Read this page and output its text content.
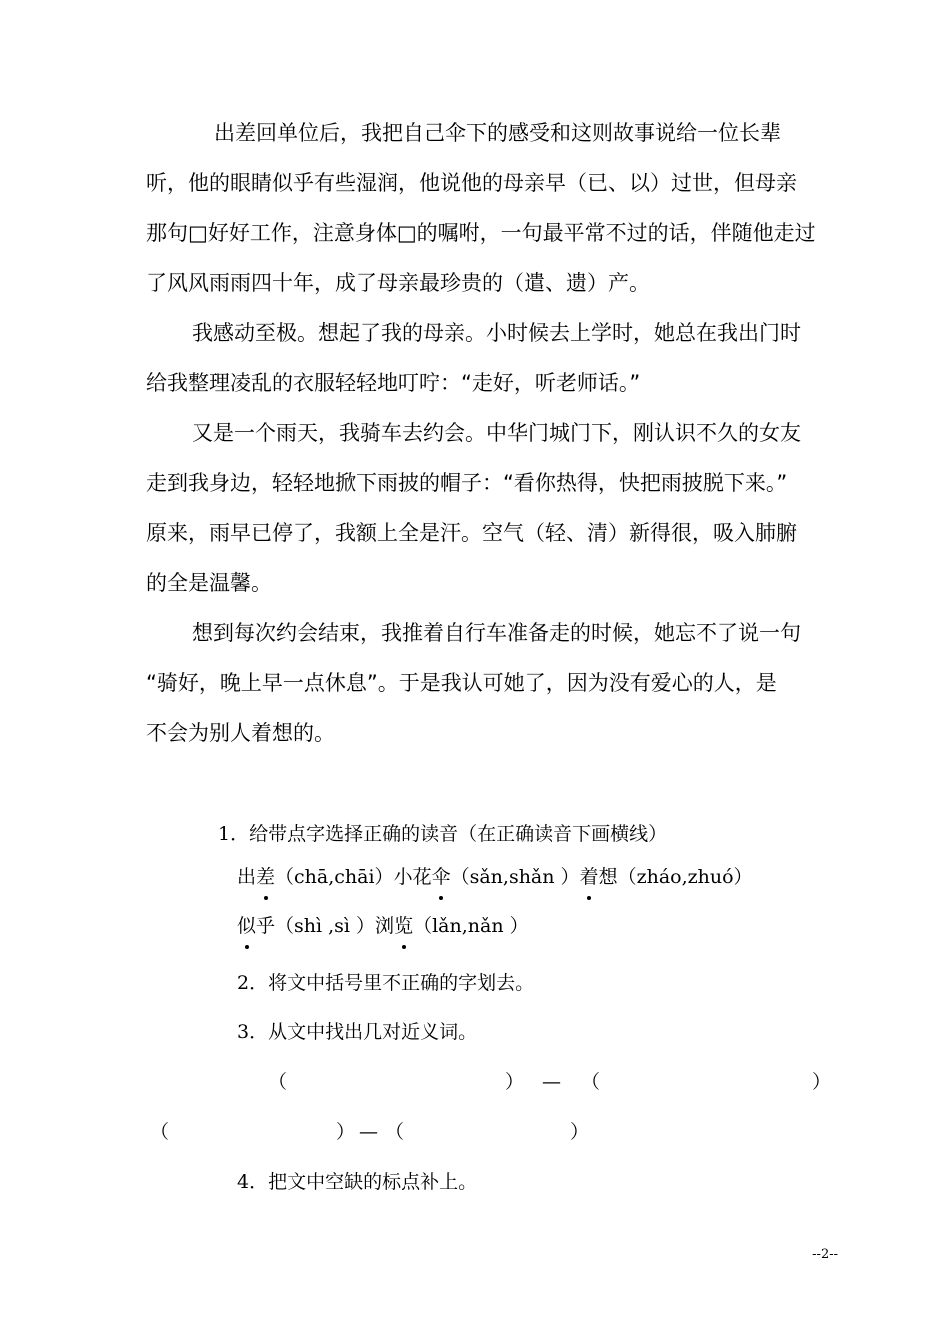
出差回单位后，我把自己伞下的感受和这则故事说给一位长辈
听，他的眼睛似乎有些湿润，他说他的母亲早（已、以）过世，但母亲
那句□好好工作，注意身体□的嘱咐，一句最平常不过的话，伴随他走过
了风风雨雨四十年，成了母亲最珍贵的（遣、遗）产。
我感动至极。想起了我的母亲。小时候去上学时，她总在我出门时
给我整理凌乱的衣服轻轻地叮咛：“走好，听老师话。”
又是一个雨天，我骑车去约会。中华门城门下，刚认识不久的女友
走到我身边，轻轻地掀下雨披的帽子：“看你热得，快把雨披脱下来。”
原来，雨早已停了，我额上全是汗。空气（轻、清）新得很，吸入肺腑
的全是温馨。
想到每次约会结束，我推着自行车准备走的时候，她忘不了说一句
“骑好，晚上早一点休息”。于是我认可她了，因为没有爱心的人，是
不会为别人着想的。
1．给带点字选择正确的读音（在正确读音下画横线）
出差（chā,chāi）小花伞（sǎn,shǎn ）着想（zháo,zhuó）
似乎（shì ,sì ）浏览（lǎn,nǎn ）
2．将文中括号里不正确的字划去。
3．从文中找出几对近义词。
（	） — （	）
（	） — （	）
4．把文中空缺的标点补上。
--2--
